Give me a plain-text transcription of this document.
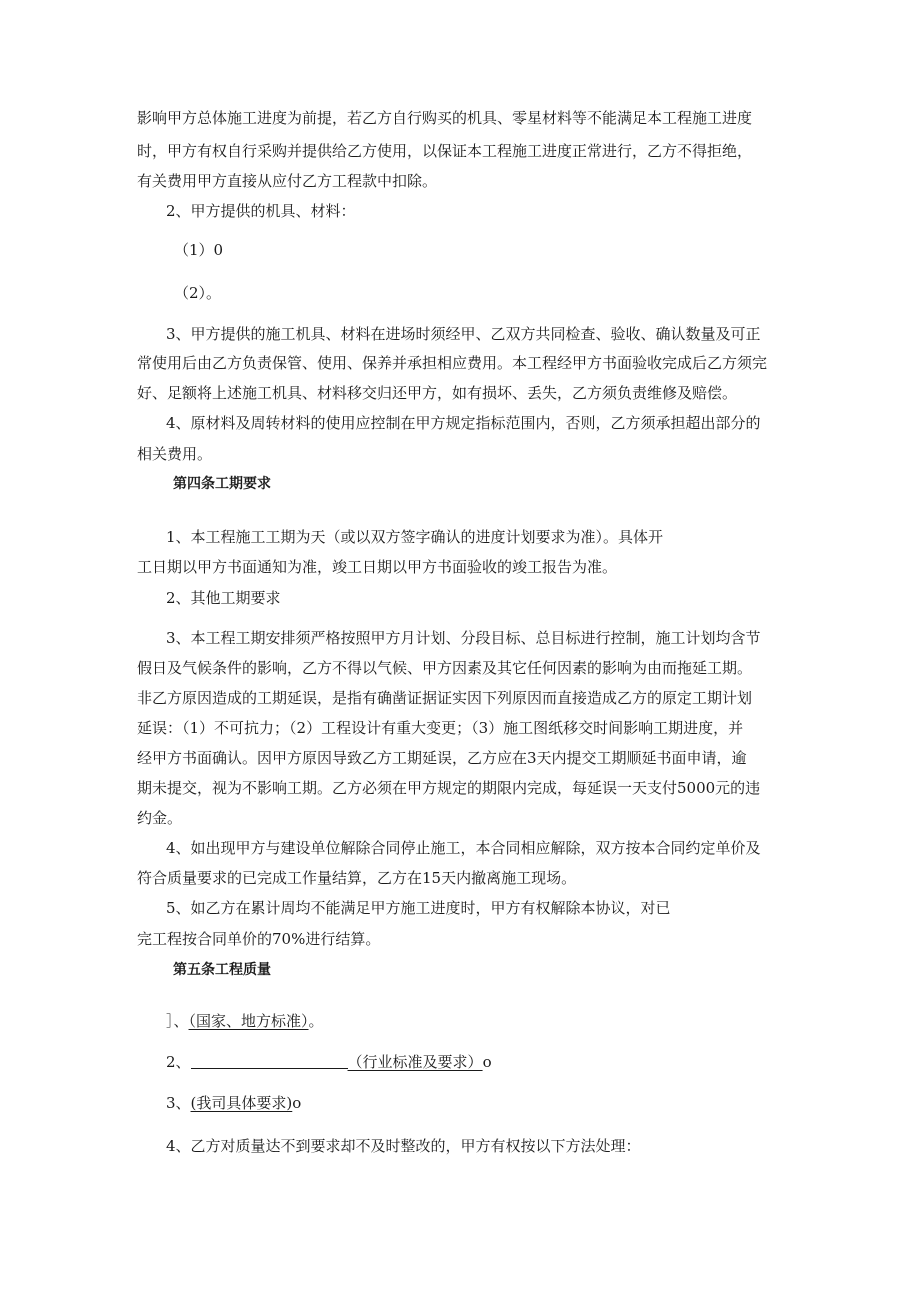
影响甲方总体施工进度为前提，若乙方自行购买的机具、零星材料等不能满足本工程施工进度
时，甲方有权自行采购并提供给乙方使用，以保证本工程施工进度正常进行，乙方不得拒绝，
有关费用甲方直接从应付乙方工程款中扣除。
2、甲方提供的机具、材料：
（1）0
（2）。
3、甲方提供的施工机具、材料在进场时须经甲、乙双方共同检查、验收、确认数量及可正
常使用后由乙方负责保管、使用、保养并承担相应费用。本工程经甲方书面验收完成后乙方须完
好、足额将上述施工机具、材料移交归还甲方，如有损坏、丢失，乙方须负责维修及赔偿。
4、原材料及周转材料的使用应控制在甲方规定指标范围内，否则，乙方须承担超出部分的
相关费用。
第四条工期要求
1、本工程施工工期为天（或以双方签字确认的进度计划要求为准）。具体开
工日期以甲方书面通知为准，竣工日期以甲方书面验收的竣工报告为准。
2、其他工期要求
3、本工程工期安排须严格按照甲方月计划、分段目标、总目标进行控制，施工计划均含节
假日及气候条件的影响，乙方不得以气候、甲方因素及其它任何因素的影响为由而拖延工期。
非乙方原因造成的工期延误，是指有确凿证据证实因下列原因而直接造成乙方的原定工期计划
延误：（1）不可抗力；（2）工程设计有重大变更；（3）施工图纸移交时间影响工期进度，并
经甲方书面确认。因甲方原因导致乙方工期延误，乙方应在3天内提交工期顺延书面申请，逾
期未提交，视为不影响工期。乙方必须在甲方规定的期限内完成，每延误一天支付5000元的违
约金。
4、如出现甲方与建设单位解除合同停止施工，本合同相应解除，双方按本合同约定单价及
符合质量要求的已完成工作量结算，乙方在15天内撤离施工现场。
5、如乙方在累计周均不能满足甲方施工进度时，甲方有权解除本协议，对已
完工程按合同单价的70%进行结算。
第五条工程质量
］、（国家、地方标准）。
2、	（行业标准及要求）o
3、(我司具体要求)o
4、乙方对质量达不到要求却不及时整改的，甲方有权按以下方法处理：
